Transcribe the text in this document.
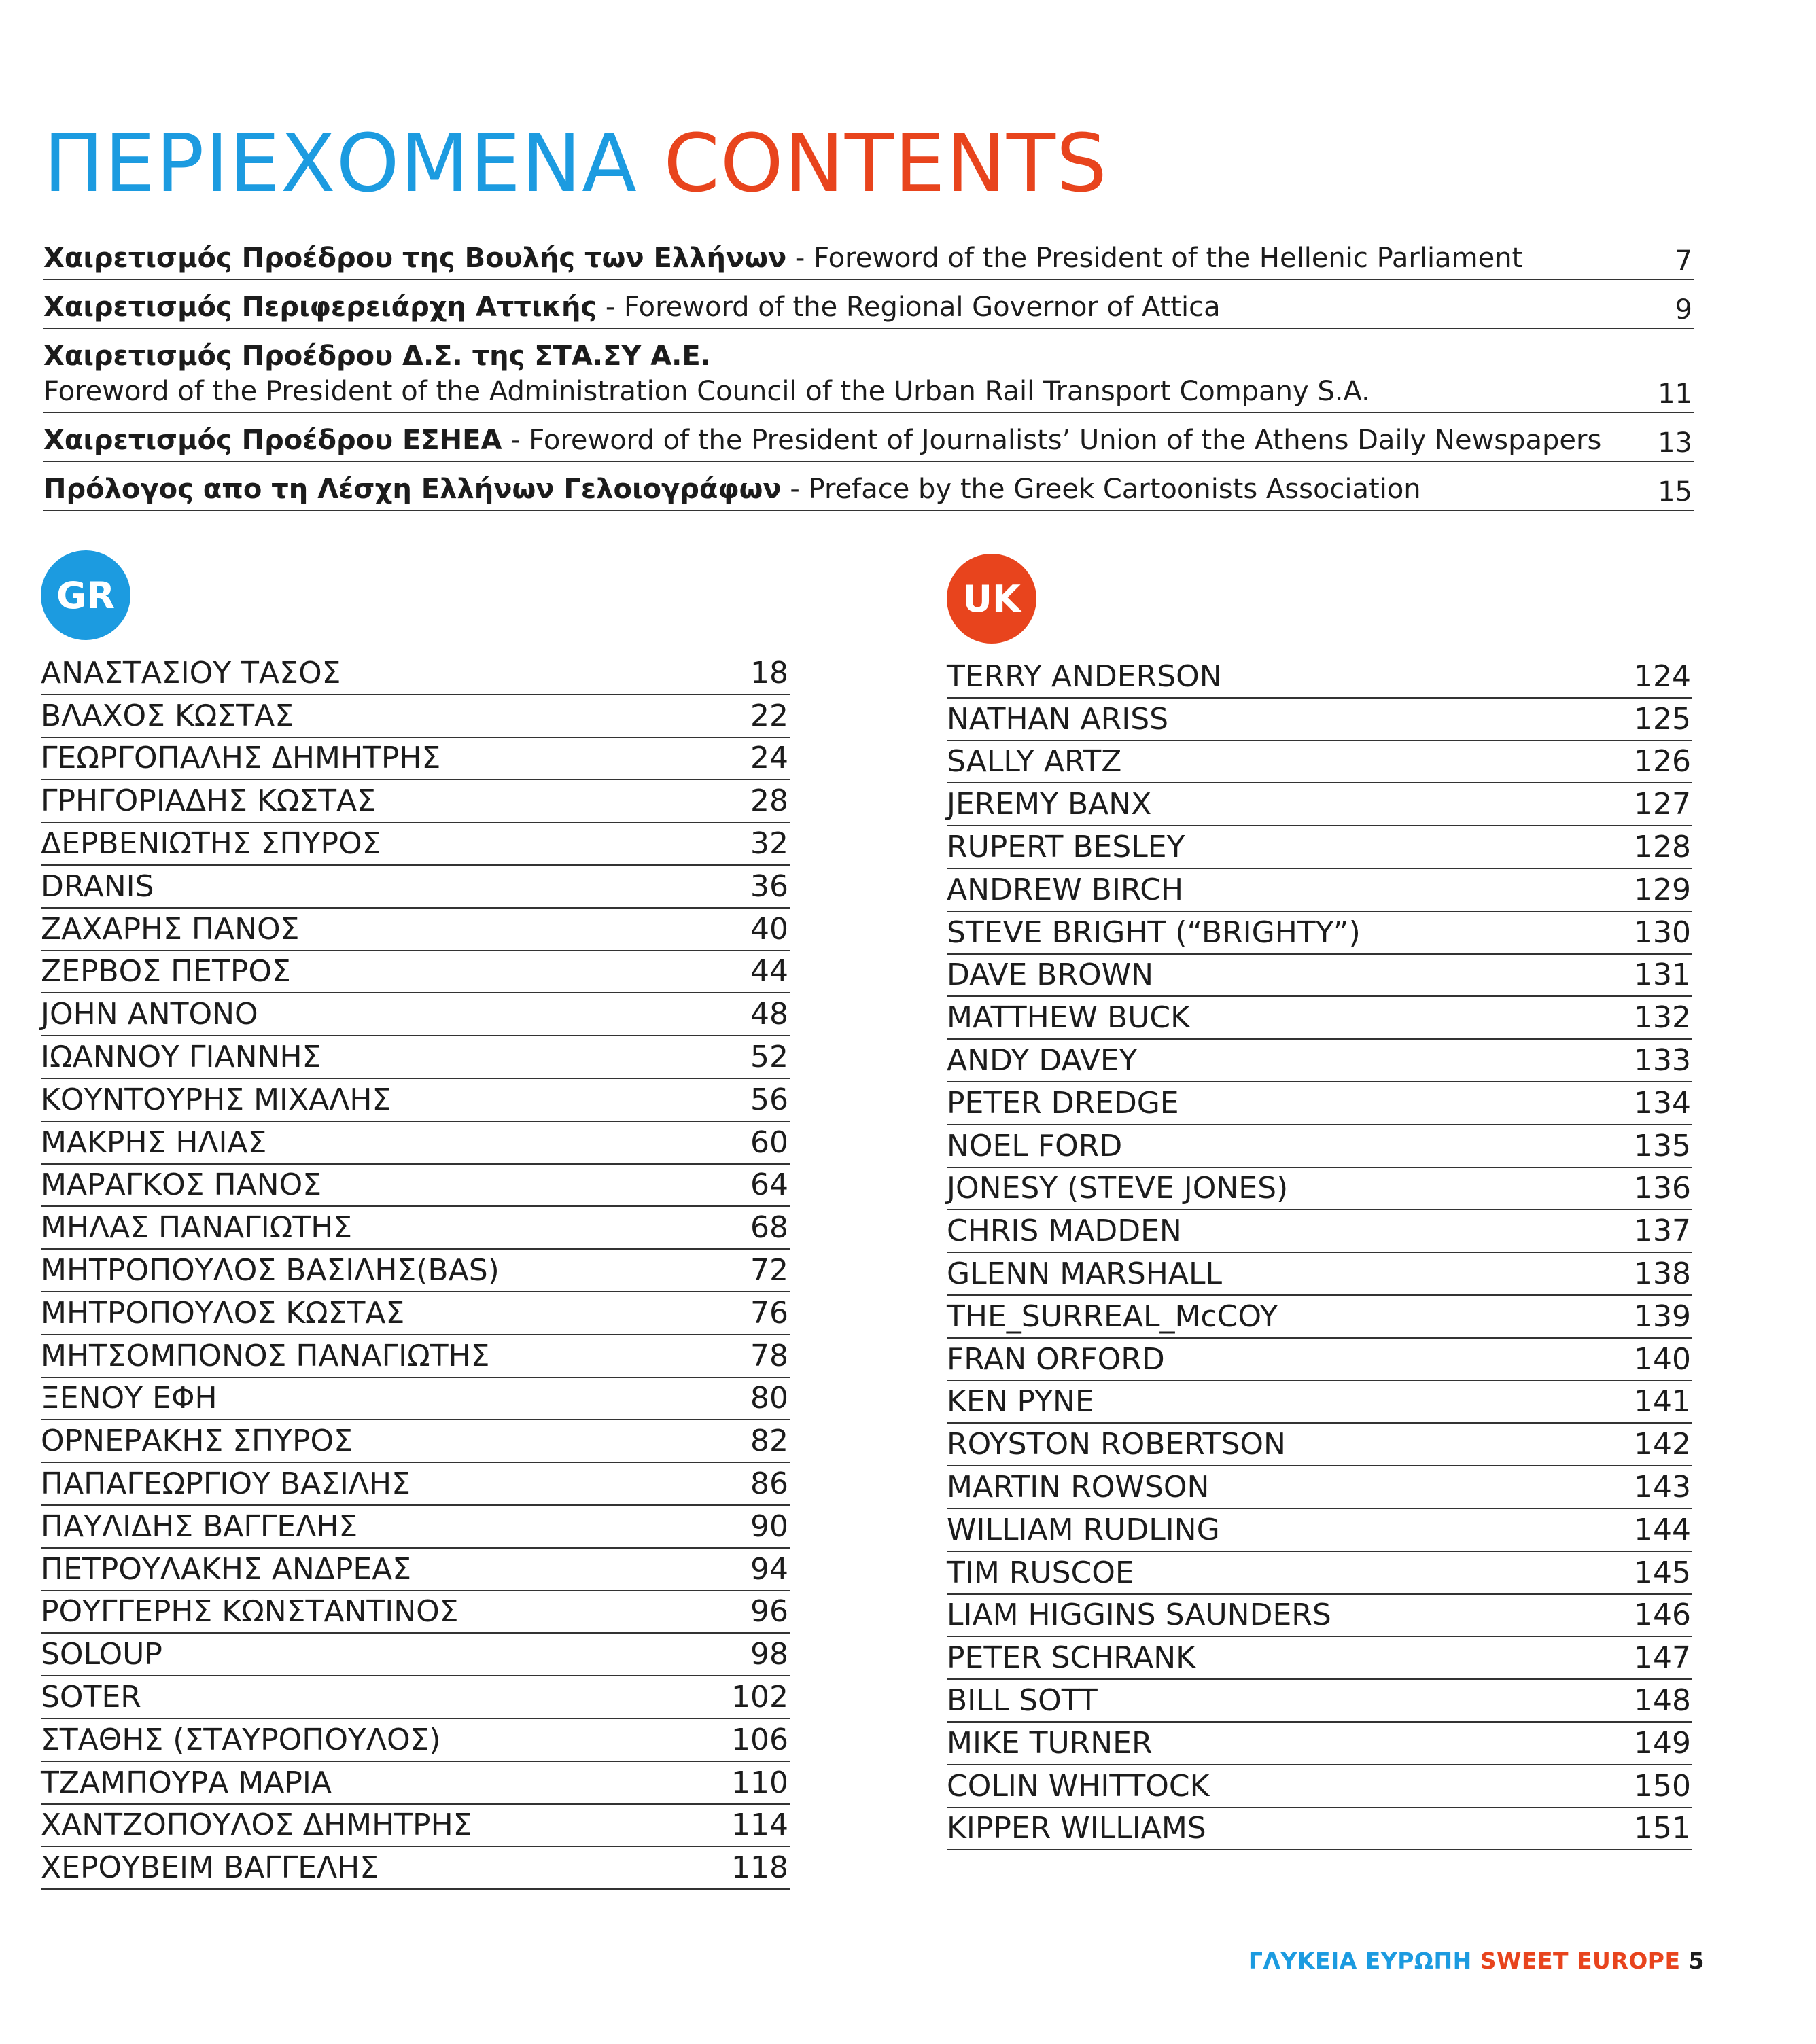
ΠΕΡΙΕΧΟΜΕΝΑ CONTENTS
Χαιρετισμός Προέδρου της Βουλής των Ελλήνων - Foreword of the President of the Hellenic Parliament	7
Χαιρετισμός Περιφερειάρχη Αττικής - Foreword of the Regional Governor of Attica	9
Χαιρετισμός Προέδρου Δ.Σ. της ΣΤΑ.ΣΥ Α.Ε.
Foreword of the President of the Administration Council of the Urban Rail Transport Company S.A.	11
Χαιρετισμός Προέδρου ΕΣΗΕΑ - Foreword of the President of Journalists’ Union of the Athens Daily Newspapers 13
Πρόλογος απο τη Λέσχη Ελλήνων Γελοιογράφων - Preface by the Greek Cartoonists Association	15
GR	UK
ΑΝΑΣΤΑΣΙΟΥ ΤΑΣΟΣ	18
ΒΛΑΧΟΣ ΚΩΣΤΑΣ	22
ΓΕΩΡΓΟΠΑΛΗΣ ΔΗΜΗΤΡΗΣ	24
ΓΡΗΓΟΡΙΑΔΗΣ ΚΩΣΤΑΣ	28
ΔΕΡΒΕΝΙΩΤΗΣ ΣΠΥΡΟΣ	32
DRANIS	36
ΖΑΧΑΡΗΣ ΠΑΝΟΣ	40
ΖΕΡΒΟΣ ΠΕΤΡΟΣ	44
JOHN ANTONO	48
ΙΩΑΝΝΟΥ ΓΙΑΝΝΗΣ	52
ΚΟΥΝΤΟΥΡΗΣ ΜΙΧΑΛΗΣ	56
ΜΑΚΡΗΣ ΗΛΙΑΣ	60
ΜΑΡΑΓΚΟΣ ΠΑΝΟΣ	64
ΜΗΛΑΣ ΠΑΝΑΓΙΩΤΗΣ	68
ΜΗΤΡΟΠΟΥΛΟΣ ΒΑΣΙΛΗΣ(BAS)	72
ΜΗΤΡΟΠΟΥΛΟΣ ΚΩΣΤΑΣ	76
ΜΗΤΣΟΜΠΟΝΟΣ ΠΑΝΑΓΙΩΤΗΣ	78
ΞΕΝΟΥ ΕΦΗ	80
ΟΡΝΕΡΑΚΗΣ ΣΠΥΡΟΣ	82
ΠΑΠΑΓΕΩΡΓΙΟΥ ΒΑΣΙΛΗΣ	86
ΠΑΥΛΙΔΗΣ ΒΑΓΓΕΛΗΣ	90
ΠΕΤΡΟΥΛΑΚΗΣ ΑΝΔΡΕΑΣ	94
ΡΟΥΓΓΕΡΗΣ ΚΩΝΣΤΑΝΤΙΝΟΣ	96
SOLOUP	98
SOTER	102
ΣΤΑΘΗΣ (ΣΤΑΥΡΟΠΟΥΛΟΣ)	106
ΤΖΑΜΠΟΥΡΑ ΜΑΡΙΑ	110
ΧΑΝΤΖΟΠΟΥΛΟΣ ΔΗΜΗΤΡΗΣ	114
ΧΕΡΟΥΒΕΙΜ ΒΑΓΓΕΛΗΣ	118
TERRY ANDERSON	124
NATHAN ARISS	125
SALLY ARTZ	126
JEREMY BANX	127
RUPERT BESLEY	128
ANDREW BIRCH	129
STEVE BRIGHT (“BRIGHTY”)	130
DAVE BROWN	131
MATTHEW BUCK	132
ANDY DAVEY	133
PETER DREDGE	134
NOEL FORD	135
JONESY (STEVE JONES)	136
CHRIS MADDEN	137
GLENN MARSHALL	138
THE_SURREAL_McCOY	139
FRAN ORFORD	140
KEN PYNE	141
ROYSTON ROBERTSON	142
MARTIN ROWSON	143
WILLIAM RUDLING	144
TIM RUSCOE	145
LIAM HIGGINS SAUNDERS	146
PETER SCHRANK	147
BILL SOTT	148
MIKE TURNER	149
COLIN WHITTOCK	150
KIPPER WILLIAMS	151
ΓΛΥΚΕΙΑ ΕΥΡΩΠΗ SWEET EUROPE 5
